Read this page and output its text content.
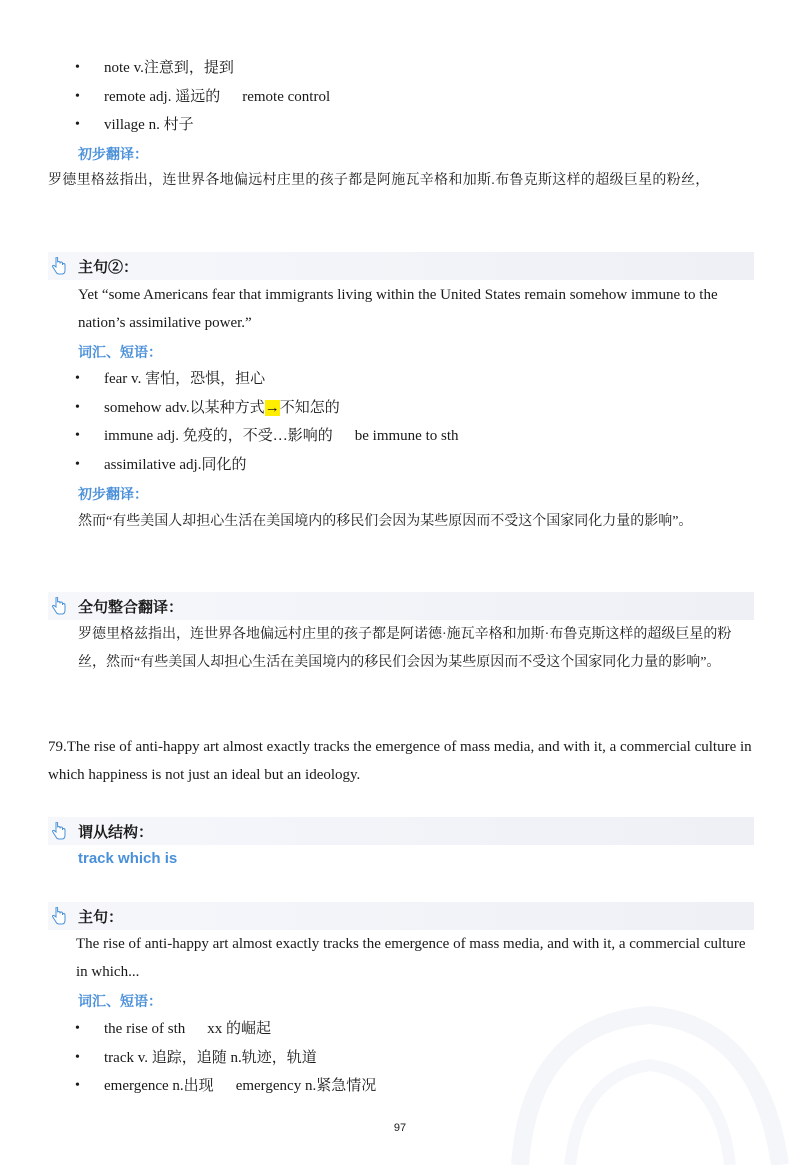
• note v.注意到，提到
• remote adj. 遥远的 remote control
• village n. 村子
初步翻译：
罗德里格兹指出，连世界各地偏远村庄里的孩子都是阿施瓦辛格和加斯.布鲁克斯这样的超级巨星的粉丝，
主句②：
Yet “some Americans fear that immigrants living within the United States remain somehow immune to the nation’s assimilative power.”
词汇、短语：
• fear v. 害怕，恐惧，担心
• somehow adv.以某种方式→不知怎的
• immune adj. 免疫的，不受…影响的 be immune to sth
• assimilative adj.同化的
初步翻译：
然而“有些美国人却担心生活在美国境内的移民们会因为某些原因而不受这个国家同化力量的影响”。
全句整合翻译：
罗德里格兹指出，连世界各地偏远村庄里的孩子都是阿诺德·施瓦辛格和加斯·布鲁克斯这样的超级巨星的粉丝，然而“有些美国人却担心生活在美国境内的移民们会因为某些原因而不受这个国家同化力量的影响”。
79.The rise of anti-happy art almost exactly tracks the emergence of mass media, and with it, a commercial culture in which happiness is not just an ideal but an ideology.
谓从结构：
track which is
主句：
The rise of anti-happy art almost exactly tracks the emergence of mass media, and with it, a commercial culture in which...
词汇、短语：
• the rise of sth xx 的崛起
• track v. 追踪，追随 n.轨迹，轨道
• emergence n.出现 emergency n.紧急情况
97
